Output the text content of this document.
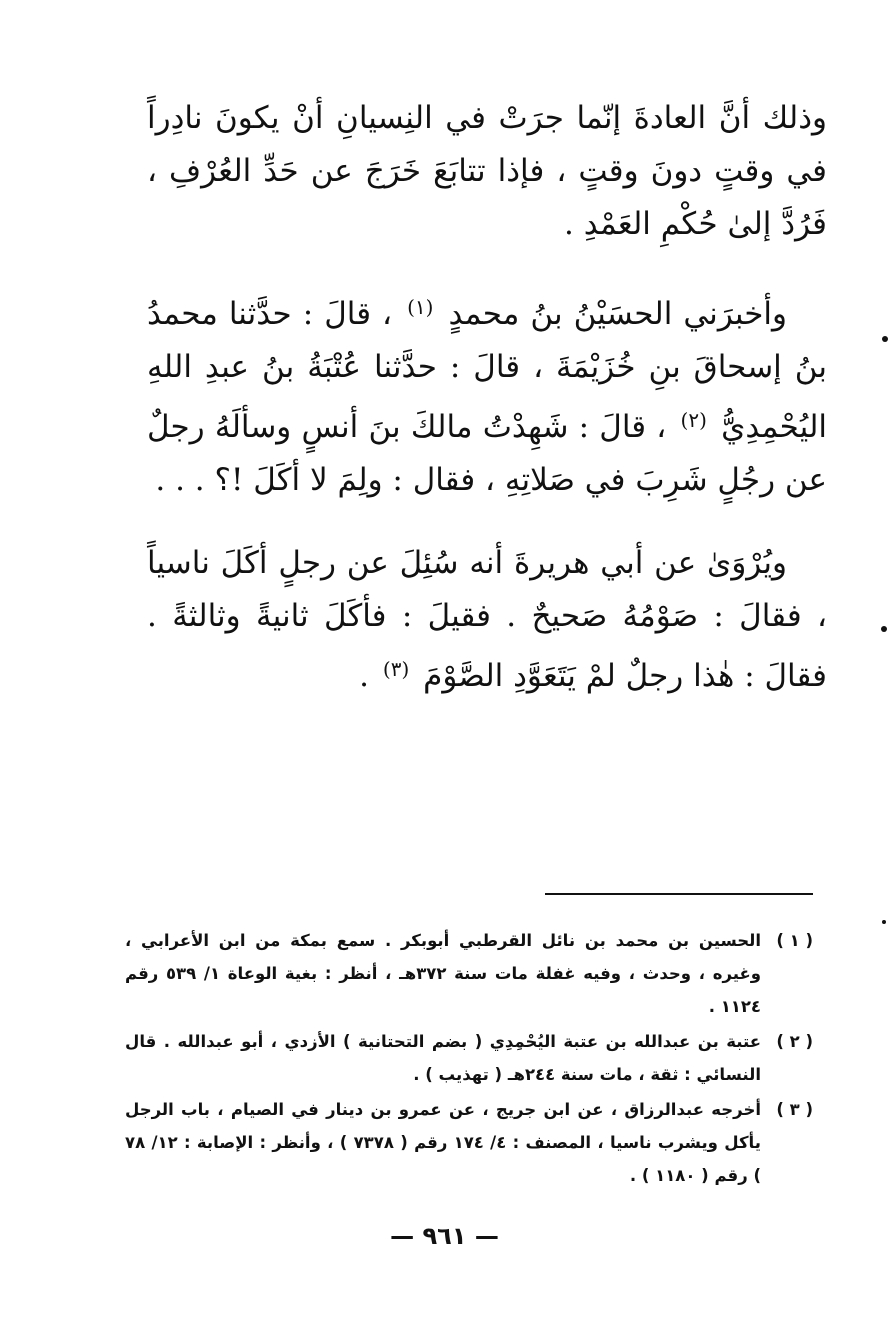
وذلك أنَّ العادةَ إنّما جرَتْ في النِسيانِ أنْ يكونَ نادِراً في وقتٍ دونَ وقتٍ ، فإذا تتابَعَ خَرَجَ عن حَدِّ العُرْفِ ، فَرُدَّ إلىٰ حُكْمِ العَمْدِ .

وأخبرَني الحسَيْنُ بنُ محمدٍ $^{(١)}$ ، قالَ : حدَّثنا محمدُ بنُ إسحاقَ بنِ خُزَيْمَةَ ، قالَ : حدَّثنا عُتْبَةُ بنُ عبدِ اللهِ اليُحْمِدِيُّ $^{(٢)}$ ، قالَ : شَهِدْتُ مالكَ بنَ أنسٍ وسألَهُ رجلٌ عن رجُلٍ شَرِبَ في صَلاتِهِ ، فقال : ولِمَ لا أكَلَ !؟ . . .

ويُرْوَىٰ عن أبي هريرةَ أنه سُئِلَ عن رجلٍ أكَلَ ناسياً ، فقالَ : صَوْمُهُ صَحيحٌ . فقيلَ : فأكَلَ ثانيةً وثالثةً . فقالَ : هٰذا رجلٌ لمْ يَتَعَوَّدِ الصَّوْمَ $^{(٣)}$ .

( ١ )
الحسين بن محمد بن نائل القرطبي أبوبكر . سمع بمكة من ابن الأعرابي ، وغيره ، وحدث ، وفيه غفلة مات سنة ٣٧٢هـ ، أنظر : بغية الوعاة ١/ ٥٣٩ رقم ١١٢٤ .
( ٢ )
عتبة بن عبدالله بن عتبة اليُحْمِدِي ( بضم التحتانية ) الأزدي ، أبو عبدالله . قال النسائي : ثقة ، مات سنة ٢٤٤هـ ( تهذيب ) .
( ٣ )
أخرجه عبدالرزاق ، عن ابن جريج ، عن عمرو بن دينار في الصيام ، باب الرجل يأكل ويشرب ناسيا ، المصنف : ٤/ ١٧٤ رقم ( ٧٣٧٨ ) ، وأنظر : الإصابة : ١٢/ ٧٨ ) رقم ( ١١٨٠ ) .
— ٩٦١ —
